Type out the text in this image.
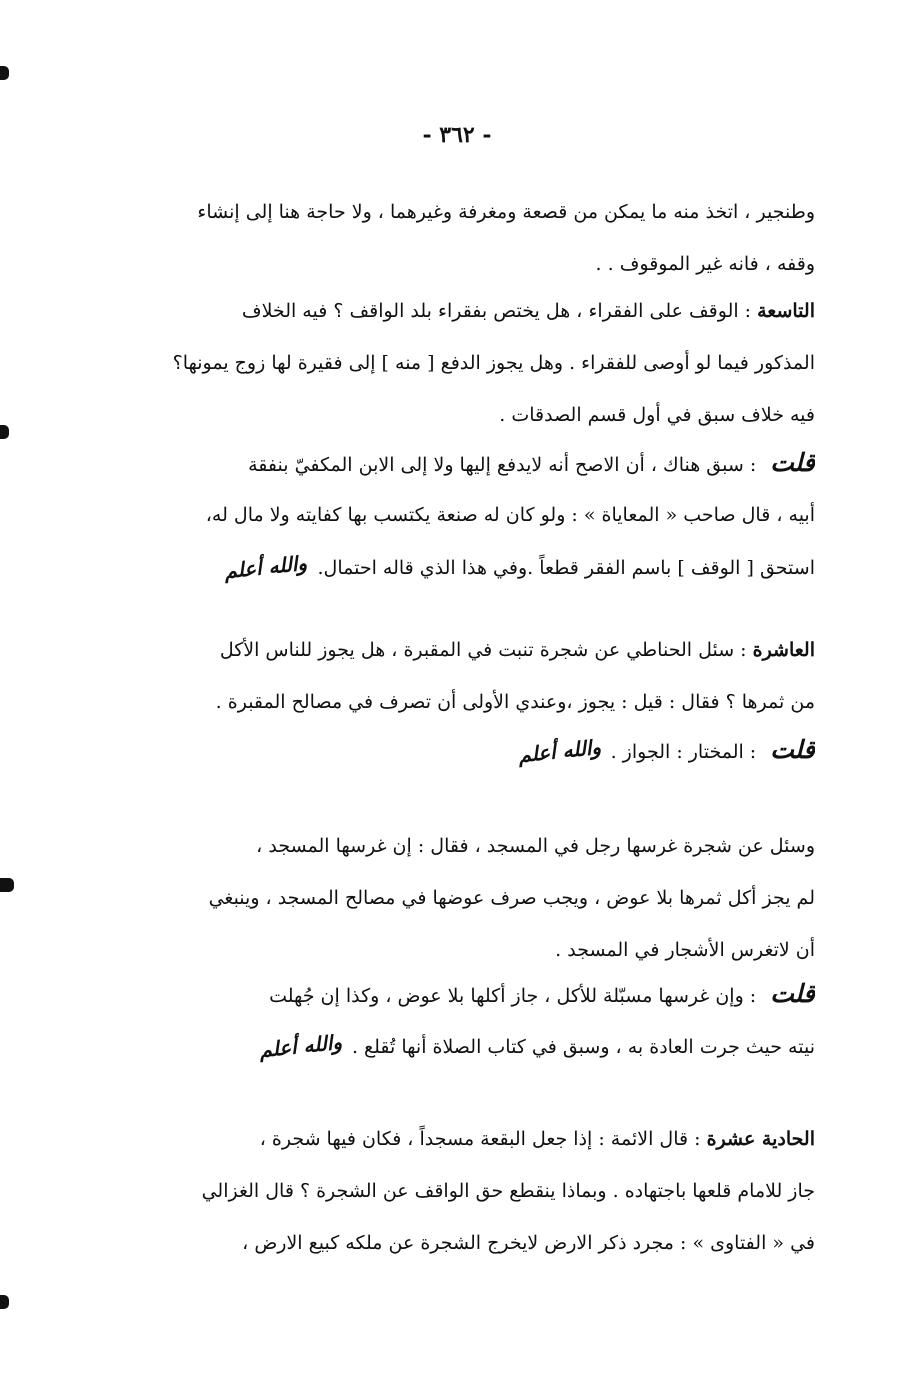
- ٣٦٢ -
وطنجير ، اتخذ منه ما يمكن من قصعة ومغرفة وغيرهما ، ولا حاجة هنا إلى إنشاء
وقفه ، فانه غير الموقوف . .
التاسعة : الوقف على الفقراء ، هل يختص بفقراء بلد الواقف ؟ فيه الخلاف
المذكور فيما لو أوصى للفقراء . وهل يجوز الدفع [ منه ] إلى فقيرة لها زوج يمونها؟
فيه خلاف سبق في أول قسم الصدقات .
قلت: سبق هناك ، أن الاصح أنه لايدفع إليها ولا إلى الابن المكفيّ بنفقة
أبيه ، قال صاحب « المعاياة » : ولو كان له صنعة يكتسب بها كفايته ولا مال له،
استحق [ الوقف ] باسم الفقر قطعاً .وفي هذا الذي قاله احتمال.والله أعلم
العاشرة : سئل الحناطي عن شجرة تنبت في المقبرة ، هل يجوز للناس الأكل
من ثمرها ؟ فقال : قيل : يجوز ،وعندي الأولى أن تصرف في مصالح المقبرة .
قلت: المختار : الجواز .والله أعلم
وسئل عن شجرة غرسها رجل في المسجد ، فقال : إن غرسها المسجد ،
لم يجز أكل ثمرها بلا عوض ، ويجب صرف عوضها في مصالح المسجد ، وينبغي
أن لاتغرس الأشجار في المسجد .
قلت: وإن غرسها مسبّلة للأكل ، جاز أكلها بلا عوض ، وكذا إن جُهلت
نيته حيث جرت العادة به ، وسبق في كتاب الصلاة أنها تُقلع .والله أعلم
الحادية عشرة : قال الائمة : إذا جعل البقعة مسجداً ، فكان فيها شجرة ،
جاز للامام قلعها باجتهاده . وبماذا ينقطع حق الواقف عن الشجرة ؟ قال الغزالي
في « الفتاوى » : مجرد ذكر الارض لايخرج الشجرة عن ملكه كبيع الارض ،
